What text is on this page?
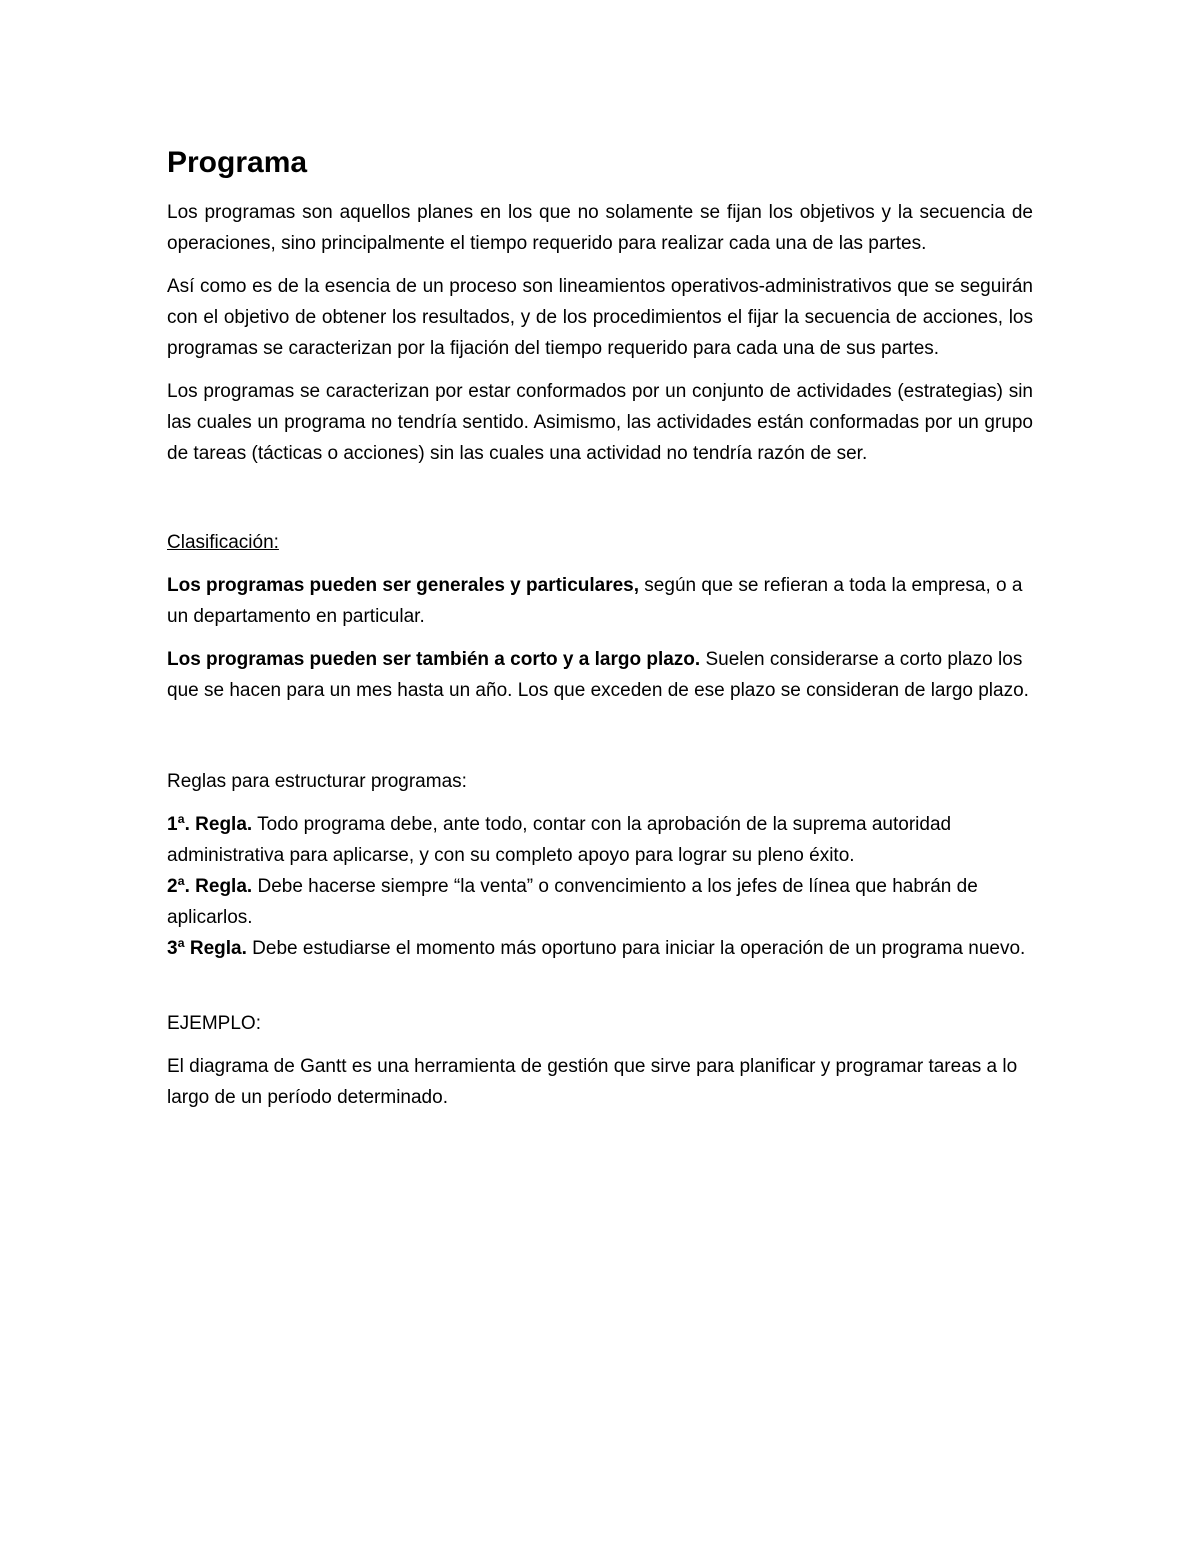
Programa

Los programas son aquellos planes en los que no solamente se fijan los objetivos y la secuencia de operaciones, sino principalmente el tiempo requerido para realizar cada una de las partes.

Así como es de la esencia de un proceso son lineamientos operativos-administrativos que se seguirán con el objetivo de obtener los resultados, y de los procedimientos el fijar la secuencia de acciones, los programas se caracterizan por la fijación del tiempo requerido para cada una de sus partes.

Los programas se caracterizan por estar conformados por un conjunto de actividades (estrategias) sin las cuales un programa no tendría sentido. Asimismo, las actividades están conformadas por un grupo de tareas (tácticas o acciones) sin las cuales una actividad no tendría razón de ser.

Clasificación:

Los programas pueden ser generales y particulares, según que se refieran a toda la empresa, o a un departamento en particular.

Los programas pueden ser también a corto y a largo plazo. Suelen considerarse a corto plazo los que se hacen para un mes hasta un año. Los que exceden de ese plazo se consideran de largo plazo.

Reglas para estructurar programas:

1ª. Regla. Todo programa debe, ante todo, contar con la aprobación de la suprema autoridad administrativa para aplicarse, y con su completo apoyo para lograr su pleno éxito.

2ª. Regla. Debe hacerse siempre “la venta” o convencimiento a los jefes de línea que habrán de aplicarlos.

3ª Regla. Debe estudiarse el momento más oportuno para iniciar la operación de un programa nuevo.

EJEMPLO:

El diagrama de Gantt es una herramienta de gestión que sirve para planificar y programar tareas a lo largo de un período determinado.
